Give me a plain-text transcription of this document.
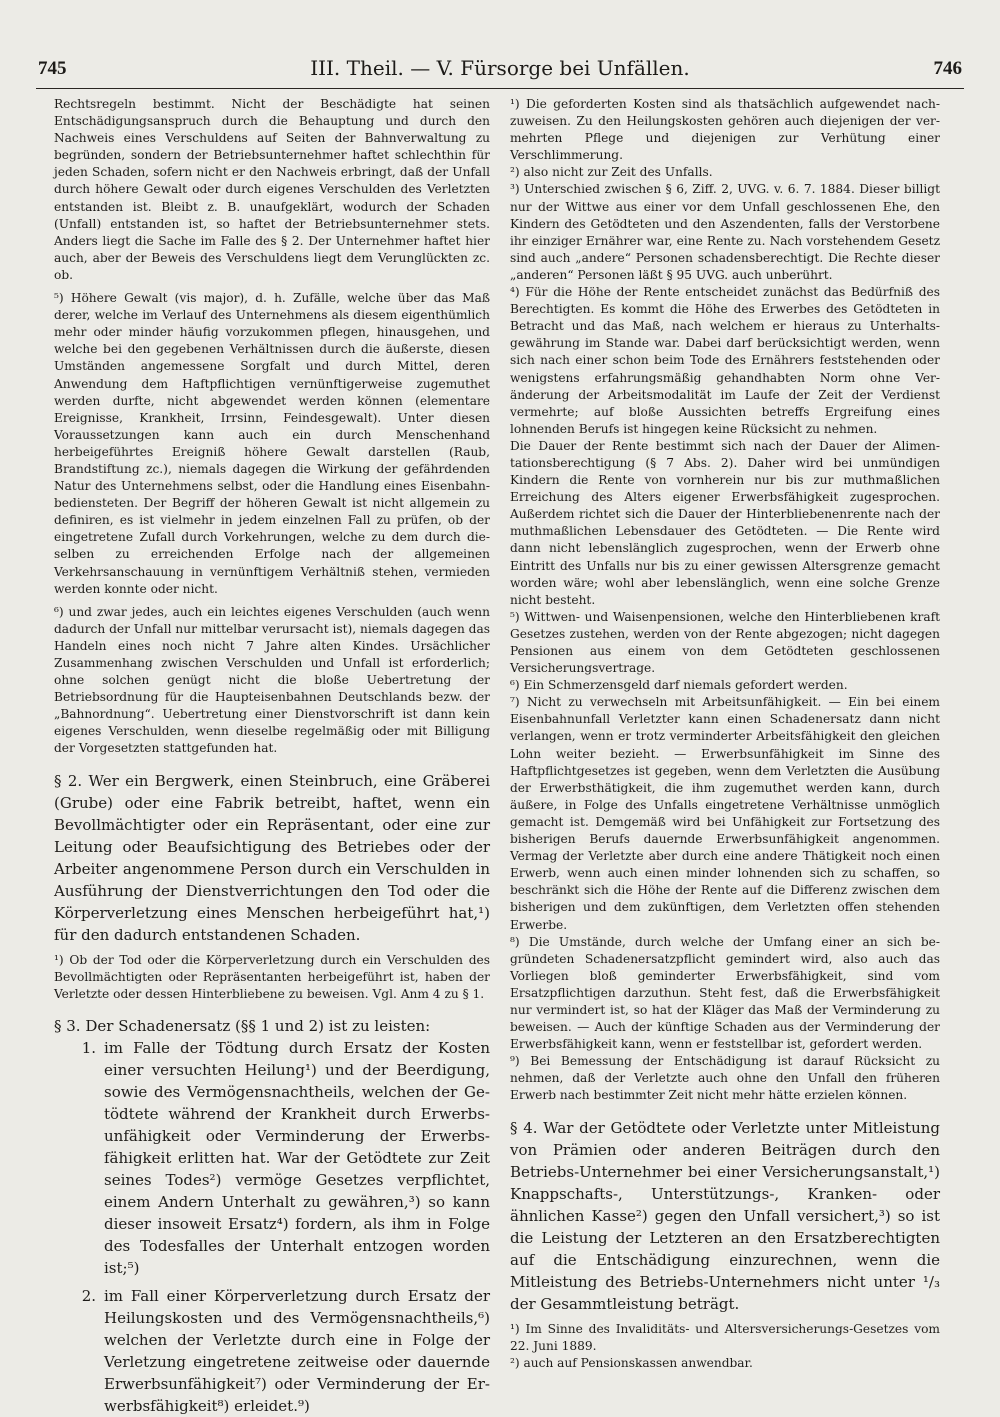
745	III. Theil. — V. Fürsorge bei Unfällen.	746

Rechtsregeln bestimmt. Nicht der Beschädigte hat seinen Entschädigungsanspruch durch die Behauptung und durch den Nachweis eines Verschuldens auf Seiten der Bahnverwaltung zu begründen, sondern der Betriebsunternehmer haftet schlechthin für jeden Schaden, sofern nicht er den Nachweis erbringt, daß der Unfall durch höhere Gewalt oder durch eigenes Verschulden des Verletzten entstanden ist. Bleibt z. B. unaufgeklärt, wodurch der Schaden (Unfall) entstanden ist, so haftet der Betriebsunternehmer stets. Anders liegt die Sache im Falle des § 2. Der Unternehmer haftet hier auch, aber der Beweis des Verschuldens liegt dem Verunglückten zc. ob.

⁵) Höhere Gewalt (vis major), d. h. Zufälle, welche über das Maß derer, welche im Verlauf des Unternehmens als diesem eigenthümlich mehr oder minder häufig vorzukommen pflegen, hinausgehen, und welche bei den gegebenen Verhältnissen durch die äußerste, diesen Umständen angemessene Sorgfalt und durch Mittel, deren Anwendung dem Haftpflichtigen vernünftigerweise zugemuthet werden durfte, nicht abgewendet werden können (elementare Ereignisse, Krankheit, Irrsinn, Feindesgewalt). Unter diesen Voraussetzungen kann auch ein durch Menschenhand herbeigeführtes Ereigniß höhere Gewalt darstellen (Raub, Brandstiftung zc.), niemals dagegen die Wirkung der gefährdenden Natur des Unternehmens selbst, oder die Handlung eines Eisenbahnbediensteten. Der Begriff der höheren Gewalt ist nicht allgemein zu definiren, es ist vielmehr in jedem einzelnen Fall zu prüfen, ob der eingetretene Zufall durch Vorkehrungen, welche zu dem durch dieselben zu erreichenden Erfolge nach der allgemeinen Verkehrsanschauung in vernünftigem Verhältniß stehen, vermieden werden konnte oder nicht.

⁶) und zwar jedes, auch ein leichtes eigenes Verschulden (auch wenn dadurch der Unfall nur mittelbar verursacht ist), niemals dagegen das Handeln eines noch nicht 7 Jahre alten Kindes. Ursächlicher Zusammenhang zwischen Verschulden und Unfall ist erforderlich; ohne solchen genügt nicht die bloße Uebertretung der Betriebsordnung für die Haupteisenbahnen Deutschlands bezw. der „Bahnordnung“. Uebertretung einer Dienstvorschrift ist dann kein eigenes Verschulden, wenn dieselbe regelmäßig oder mit Billigung der Vorgesetzten stattgefunden hat.

§ 2. Wer ein Bergwerk, einen Steinbruch, eine Gräberei (Grube) oder eine Fabrik betreibt, haftet, wenn ein Bevollmächtigter oder ein Repräsentant, oder eine zur Leitung oder Beaufsichtigung des Betriebes oder der Arbeiter angenommene Person durch ein Verschulden in Ausführung der Dienstverrichtungen den Tod oder die Körperverletzung eines Menschen herbeigeführt hat,¹) für den dadurch entstandenen Schaden.

¹) Ob der Tod oder die Körperverletzung durch ein Verschulden des Bevollmächtigten oder Repräsentanten herbeigeführt ist, haben der Verletzte oder dessen Hinterbliebene zu beweisen. Vgl. Anm 4 zu § 1.

§ 3. Der Schadenersatz (§§ 1 und 2) ist zu leisten:

1. im Falle der Tödtung durch Ersatz der Kosten einer versuchten Heilung¹) und der Beerdigung, sowie des Vermögensnachtheils, welchen der Getödtete während der Krankheit durch Erwerbsunfähigkeit oder Verminderung der Erwerbsfähigkeit erlitten hat. War der Getödtete zur Zeit seines Todes²) vermöge Gesetzes verpflichtet, einem Andern Unterhalt zu gewähren,³) so kann dieser insoweit Ersatz⁴) fordern, als ihm in Folge des Todesfalles der Unterhalt entzogen worden ist;⁵)
2. im Fall einer Körperverletzung durch Ersatz der Heilungskosten und des Vermögensnachtheils,⁶) welchen der Verletzte durch eine in Folge der Verletzung eingetretene zeitweise oder dauernde Erwerbsunfähigkeit⁷) oder Verminderung der Erwerbsfähigkeit⁸) erleidet.⁹)

¹) Die geforderten Kosten sind als thatsächlich aufgewendet nachzuweisen. Zu den Heilungskosten gehören auch diejenigen der vermehrten Pflege und diejenigen zur Verhütung einer Verschlimmerung.

²) also nicht zur Zeit des Unfalls.

³) Unterschied zwischen § 6, Ziff. 2, UVG. v. 6. 7. 1884. Dieser billigt nur der Wittwe aus einer vor dem Unfall geschlossenen Ehe, den Kindern des Getödteten und den Aszendenten, falls der Verstorbene ihr einziger Ernährer war, eine Rente zu. Nach vorstehendem Gesetz sind auch „andere“ Personen schadensberechtigt. Die Rechte dieser „anderen“ Personen läßt § 95 UVG. auch unberührt.

⁴) Für die Höhe der Rente entscheidet zunächst das Bedürfniß des Berechtigten. Es kommt die Höhe des Erwerbes des Getödteten in Betracht und das Maß, nach welchem er hieraus zu Unterhaltsgewährung im Stande war. Dabei darf berücksichtigt werden, wenn sich nach einer schon beim Tode des Ernährers feststehenden oder wenigstens erfahrungsmäßig gehandhabten Norm ohne Veränderung der Arbeitsmodalität im Laufe der Zeit der Verdienst vermehrte; auf bloße Aussichten betreffs Ergreifung eines lohnenden Berufs ist hingegen keine Rücksicht zu nehmen.

Die Dauer der Rente bestimmt sich nach der Dauer der Alimentationsberechtigung (§ 7 Abs. 2). Daher wird bei unmündigen Kindern die Rente von vornherein nur bis zur muthmaßlichen Erreichung des Alters eigener Erwerbsfähigkeit zugesprochen. Außerdem richtet sich die Dauer der Hinterbliebenenrente nach der muthmaßlichen Lebensdauer des Getödteten. — Die Rente wird dann nicht lebenslänglich zugesprochen, wenn der Erwerb ohne Eintritt des Unfalls nur bis zu einer gewissen Altersgrenze gemacht worden wäre; wohl aber lebenslänglich, wenn eine solche Grenze nicht besteht.

⁵) Wittwen- und Waisenpensionen, welche den Hinterbliebenen kraft Gesetzes zustehen, werden von der Rente abgezogen; nicht dagegen Pensionen aus einem von dem Getödteten geschlossenen Versicherungsvertrage.

⁶) Ein Schmerzensgeld darf niemals gefordert werden.

⁷) Nicht zu verwechseln mit Arbeitsunfähigkeit. — Ein bei einem Eisenbahnunfall Verletzter kann einen Schadenersatz dann nicht verlangen, wenn er trotz verminderter Arbeitsfähigkeit den gleichen Lohn weiter bezieht. — Erwerbsunfähigkeit im Sinne des Haftpflichtgesetzes ist gegeben, wenn dem Verletzten die Ausübung der Erwerbsthätigkeit, die ihm zugemuthet werden kann, durch äußere, in Folge des Unfalls eingetretene Verhältnisse unmöglich gemacht ist. Demgemäß wird bei Unfähigkeit zur Fortsetzung des bisherigen Berufs dauernde Erwerbsunfähigkeit angenommen. Vermag der Verletzte aber durch eine andere Thätigkeit noch einen Erwerb, wenn auch einen minder lohnenden sich zu schaffen, so beschränkt sich die Höhe der Rente auf die Differenz zwischen dem bisherigen und dem zukünftigen, dem Verletzten offen stehenden Erwerbe.

⁸) Die Umstände, durch welche der Umfang einer an sich begründeten Schadenersatzpflicht gemindert wird, also auch das Vorliegen bloß geminderter Erwerbsfähigkeit, sind vom Ersatzpflichtigen darzuthun. Steht fest, daß die Erwerbsfähigkeit nur vermindert ist, so hat der Kläger das Maß der Verminderung zu beweisen. — Auch der künftige Schaden aus der Verminderung der Erwerbsfähigkeit kann, wenn er feststellbar ist, gefordert werden.

⁹) Bei Bemessung der Entschädigung ist darauf Rücksicht zu nehmen, daß der Verletzte auch ohne den Unfall den früheren Erwerb nach bestimmter Zeit nicht mehr hätte erzielen können.

§ 4. War der Getödtete oder Verletzte unter Mitleistung von Prämien oder anderen Beiträgen durch den Betriebs-Unternehmer bei einer Versicherungsanstalt,¹) Knappschafts-, Unterstützungs-, Kranken- oder ähnlichen Kasse²) gegen den Unfall versichert,³) so ist die Leistung der Letzteren an den Ersatzberechtigten auf die Entschädigung einzurechnen, wenn die Mitleistung des Betriebs-Unternehmers nicht unter ¹/₃ der Gesammtleistung beträgt.

¹) Im Sinne des Invaliditäts- und Altersversicherungs-Gesetzes vom 22. Juni 1889.

²) auch auf Pensionskassen anwendbar.
